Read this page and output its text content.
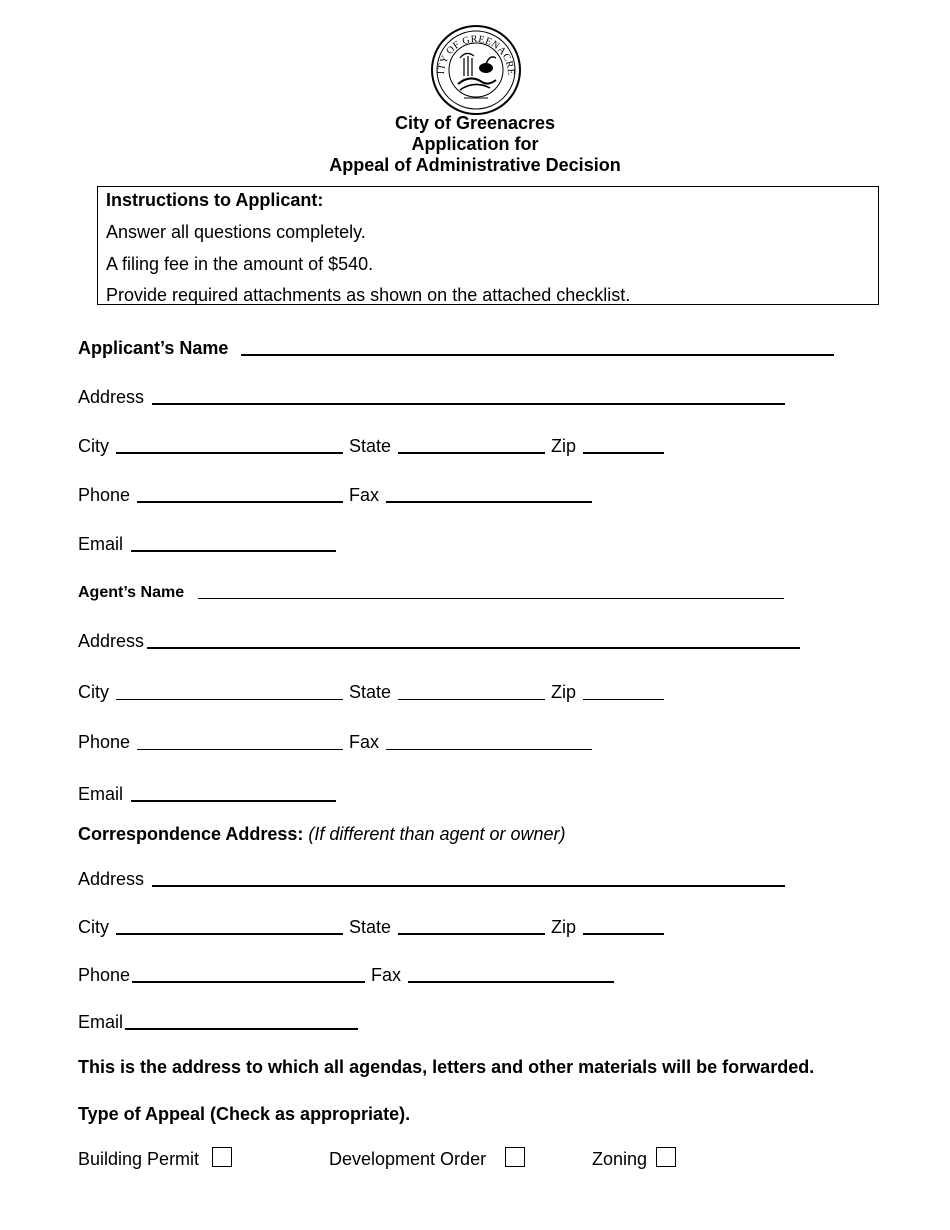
ITY OF GREENACRE
City of Greenacres
Application for
Appeal of Administrative Decision
Instructions to Applicant:
Answer all questions completely.
A filing fee in the amount of $540.
Provide required attachments as shown on the attached checklist.
Applicant’s Name
Address
City	State	Zip
Phone	Fax
Email
Agent’s Name
Address
City	State	Zip
Phone	Fax
Email
Correspondence Address: (If different than agent or owner)
Address
City	State	Zip
Phone	Fax
Email
This is the address to which all agendas, letters and other materials will be forwarded.
Type of Appeal (Check as appropriate).
Building Permit	Development Order	Zoning
